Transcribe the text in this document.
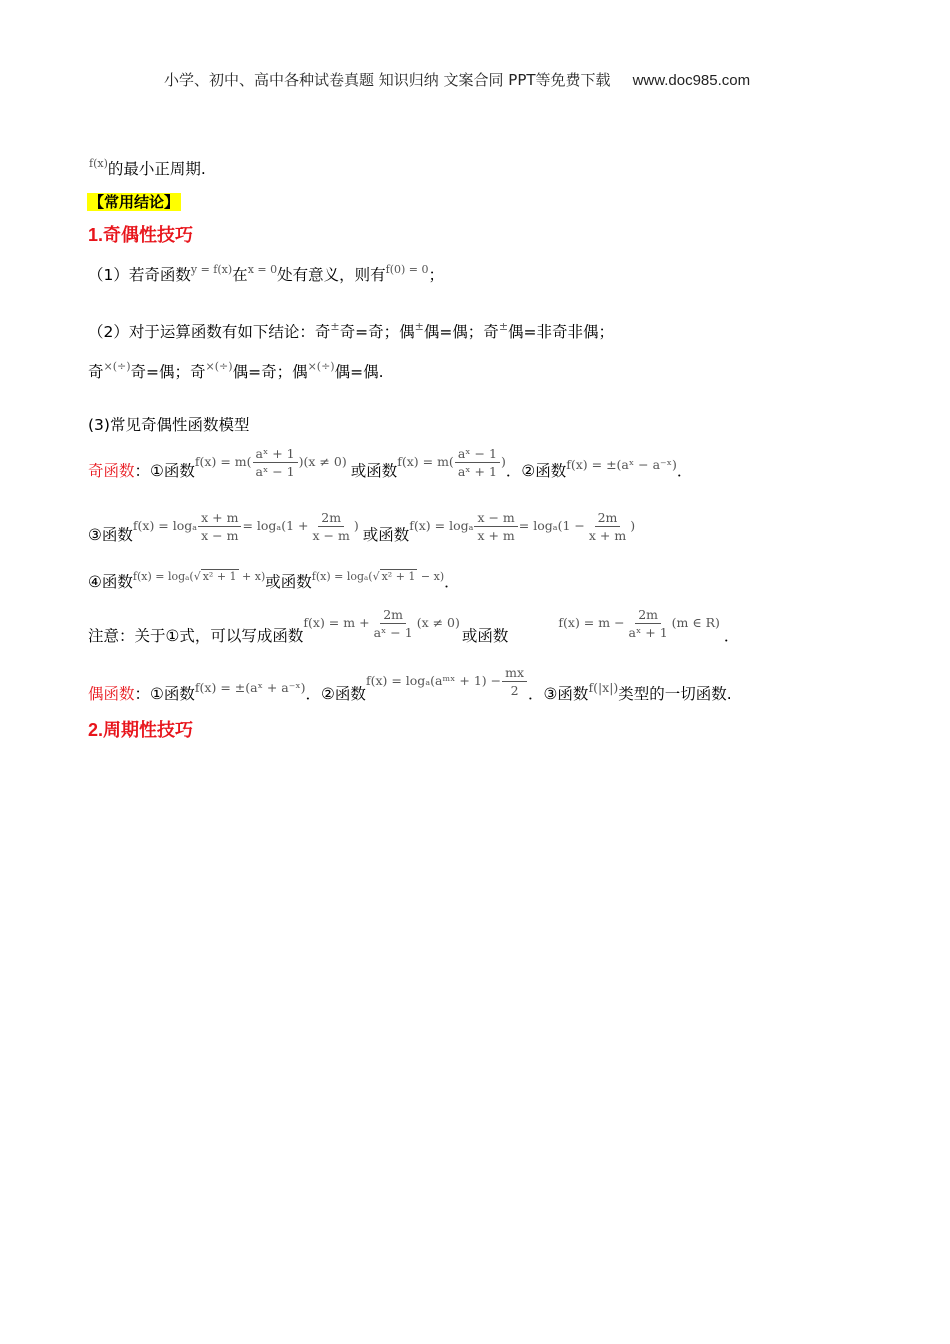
小学、初中、高中各种试卷真题 知识归纳 文案合同 PPT等免费下载 www.doc985.com
$^{f(x)}$的最小正周期.
【常用结论】
1.奇偶性技巧
（1）若奇函数$^{y = f(x)}$在$^{x = 0}$处有意义，则有$^{f(0) = 0}$；
（2）对于运算函数有如下结论：奇±奇=奇；偶±偶=偶；奇±偶=非奇非偶；
奇×(÷)奇=偶；奇×(÷)偶=奇；偶×(÷)偶=偶.
(3)常见奇偶性函数模型
奇函数 ：①函数 $f(x) = m( \frac{\text{aˣ + 1}}{\text{aˣ − 1}} )(x \ne 0)$ 或函数 $f(x) = m( \frac{\text{aˣ − 1}}{\text{aˣ + 1}}$ ) ．②函数 f(x) = ±(aˣ − a⁻ˣ) ．
③函数 f(x) = logₐ $\frac{x + m}{x - m} = \log_a(1 + \frac{2m}{x - m}$ ) 或函数 f(x) = logₐ $\frac{x - m}{x + m} = \log_a(1 - \frac{2m}{x + m}$ )
④函数$^{f(x) = log_a(√ x^2 + 1 + x)}$或函数$^{f(x) = log_a(√ x^2 + 1 - x)}$．
注意：关于①式，可以写成函数
$f(x) = m + \frac{2m}{\text{aˣ − 1}} (x \ne 0)$
或函数
$f(x) = m - \frac{2m}{\text{aˣ + 1}} (m$ ∈ R)
．
偶函数 ：①函数 f(x) = ±(aˣ + a⁻ˣ) ．②函数
f(x) = logₐ(aᵐˣ + $1) - \frac{mx}{2}$ ．③函数 f(|x|) 类型的一切函数.
2.周期性技巧
